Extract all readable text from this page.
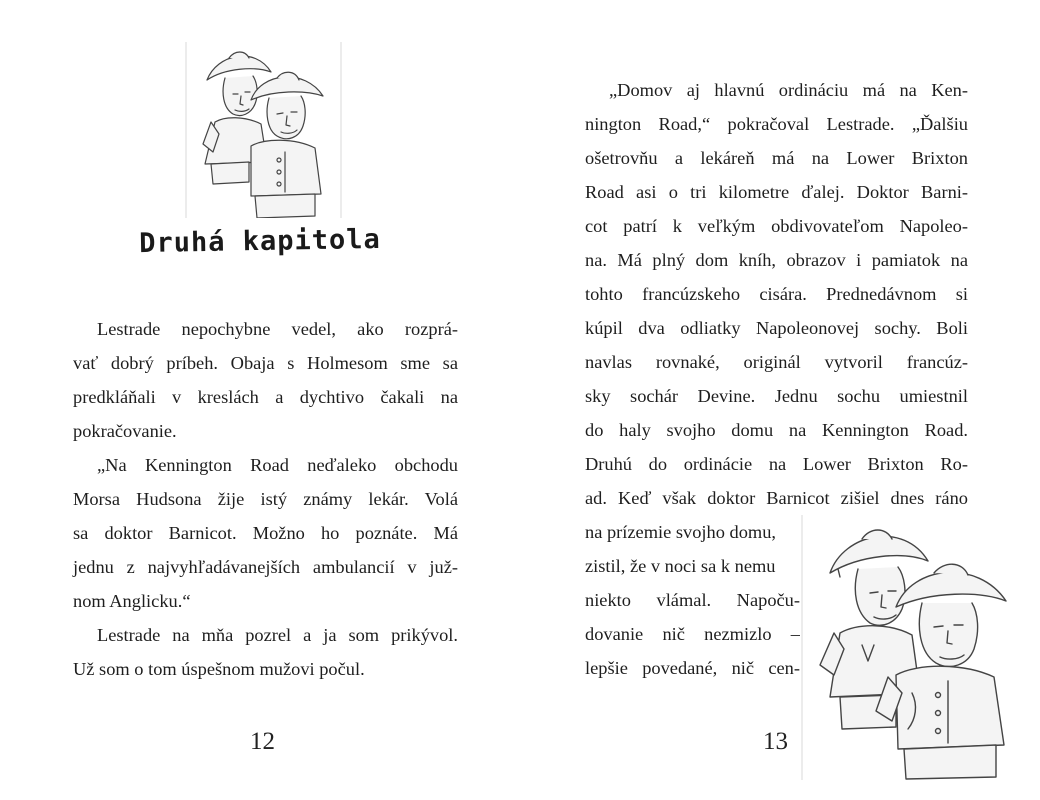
Druhá kapitola
Lestrade nepochybne vedel, ako rozprá-
vať dobrý príbeh. Obaja s Holmesom sme sa
predkláňali v kreslách a dychtivo čakali na
pokračovanie.
„Na Kennington Road neďaleko obchodu
Morsa Hudsona žije istý známy lekár. Volá
sa doktor Barnicot. Možno ho poznáte. Má
jednu z najvyhľadávanejších ambulancií v juž-
nom Anglicku.“
Lestrade na mňa pozrel a ja som prikývol.
Už som o tom úspešnom mužovi počul.
12
„Domov aj hlavnú ordináciu má na Ken-
nington Road,“ pokračoval Lestrade. „Ďalšiu
ošetrovňu a lekáreň má na Lower Brixton
Road asi o tri kilometre ďalej. Doktor Barni-
cot patrí k veľkým obdivovateľom Napoleo-
na. Má plný dom kníh, obrazov i pamiatok na
tohto francúzskeho cisára. Prednedávnom si
kúpil dva odliatky Napoleonovej sochy. Boli
navlas rovnaké, originál vytvoril francúz-
sky sochár Devine. Jednu sochu umiestnil
do haly svojho domu na Kennington Road.
Druhú do ordinácie na Lower Brixton Ro-
ad. Keď však doktor Barnicot zišiel dnes ráno
na prízemie svojho domu,
zistil, že v noci sa k nemu
niekto vlámal. Napoču-
dovanie nič nezmizlo –
lepšie povedané, nič cen-
13
